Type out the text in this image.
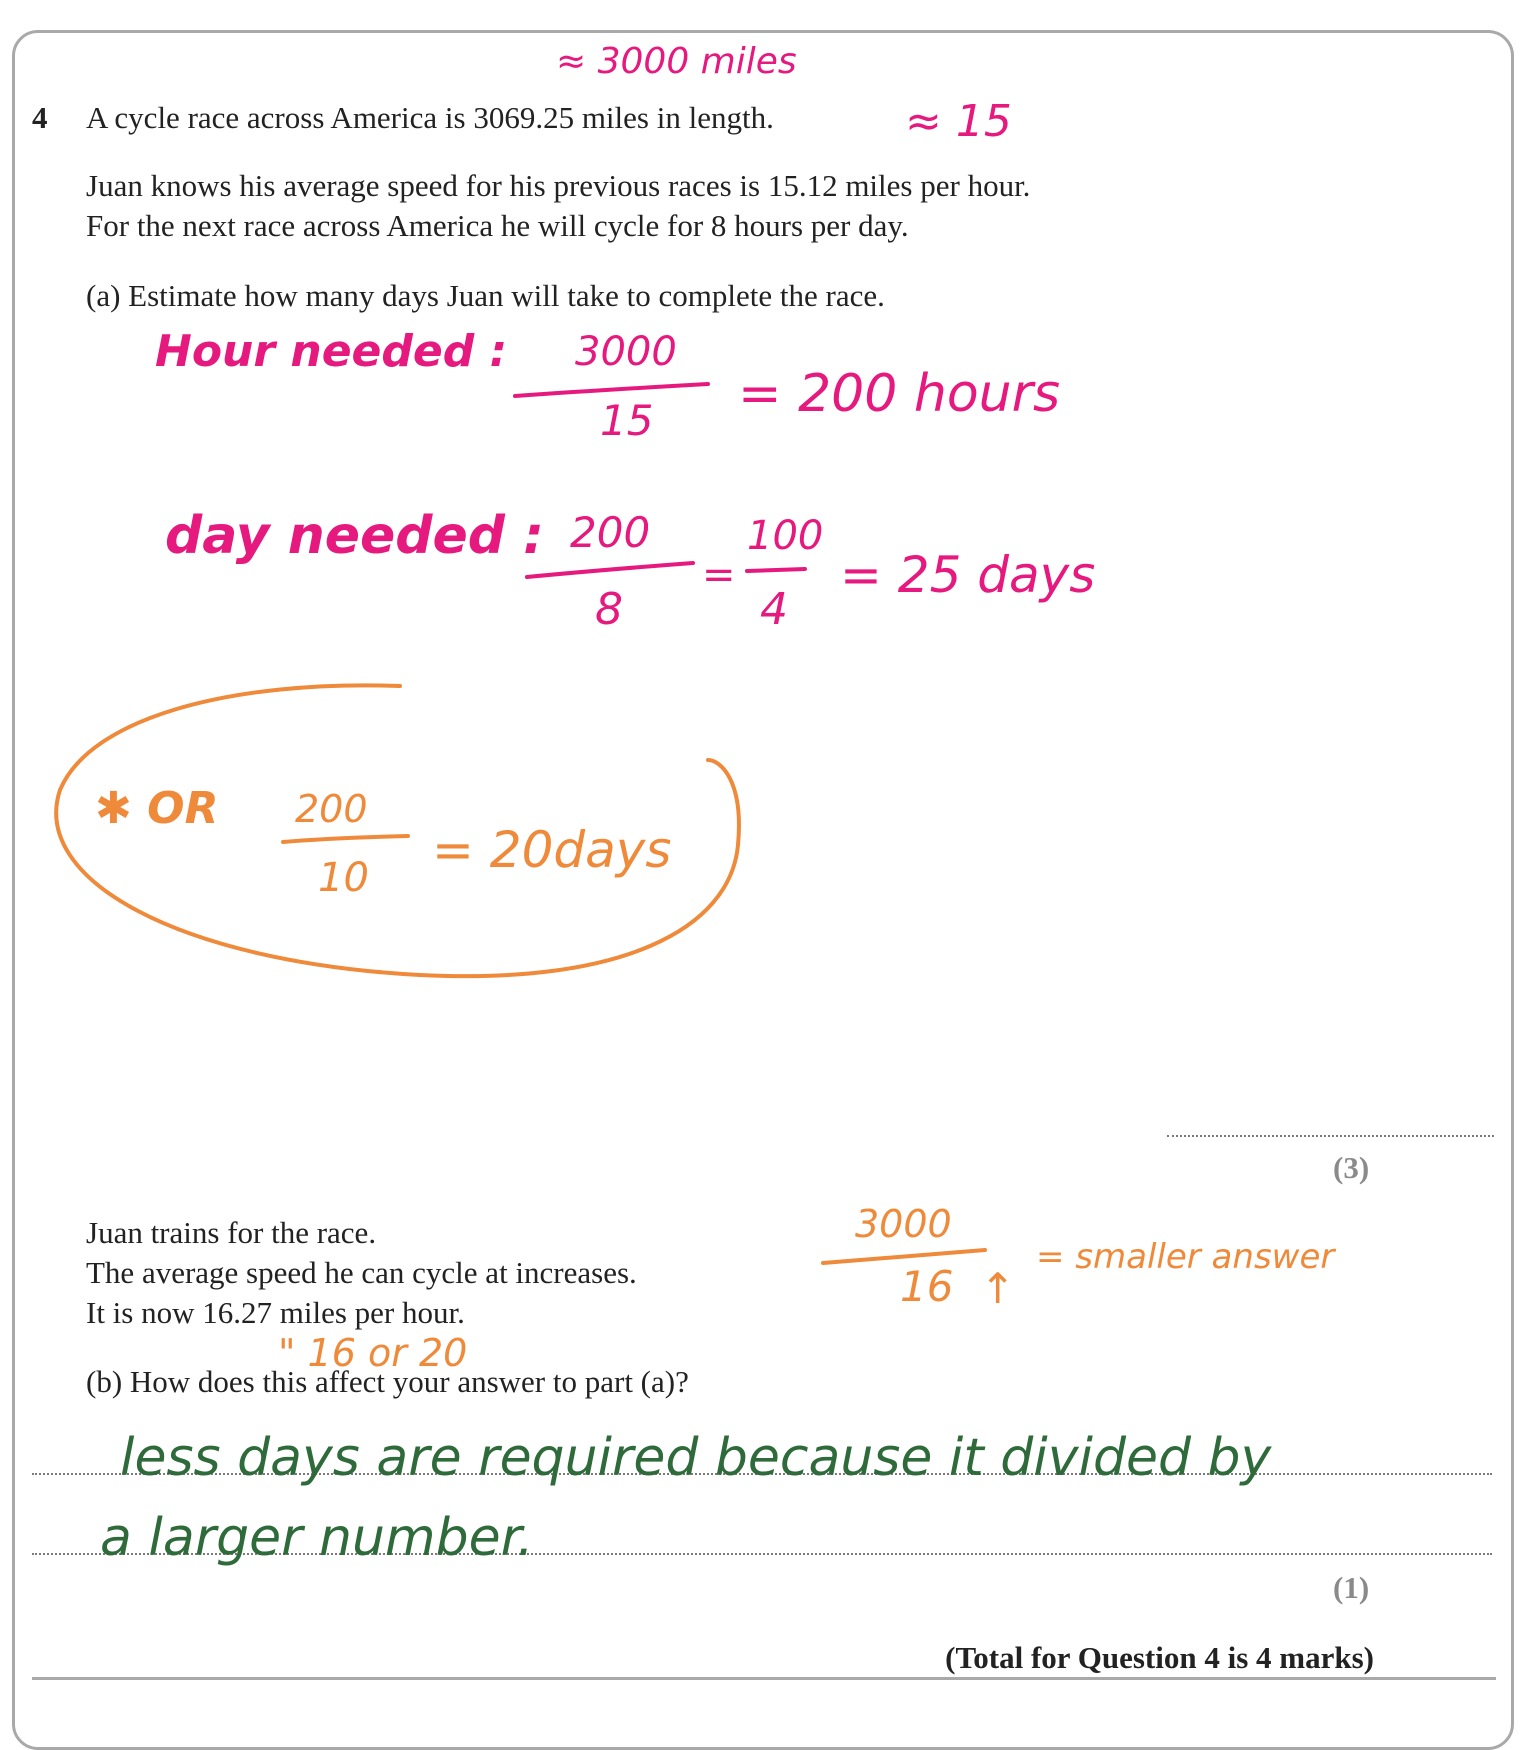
4 A cycle race across America is 3069.25 miles in length.
Juan knows his average speed for his previous races is 15.12 miles per hour.
For the next race across America he will cycle for 8 hours per day.
(a) Estimate how many days Juan will take to complete the race.
(3)
Juan trains for the race.
The average speed he can cycle at increases.
It is now 16.27 miles per hour.
(b) How does this affect your answer to part (a)?
(1)
(Total for Question 4 is 4 marks)
≈ 3000 miles
≈ 15
Hour needed : 3000
15 = 200 hours
day needed : 200
8
=
100
4
= 25 days
✱ OR 200
10 = 20days
3000
16 ↑
= smaller answer
" 16 or 20
less days are required because it divided by
a larger number.
